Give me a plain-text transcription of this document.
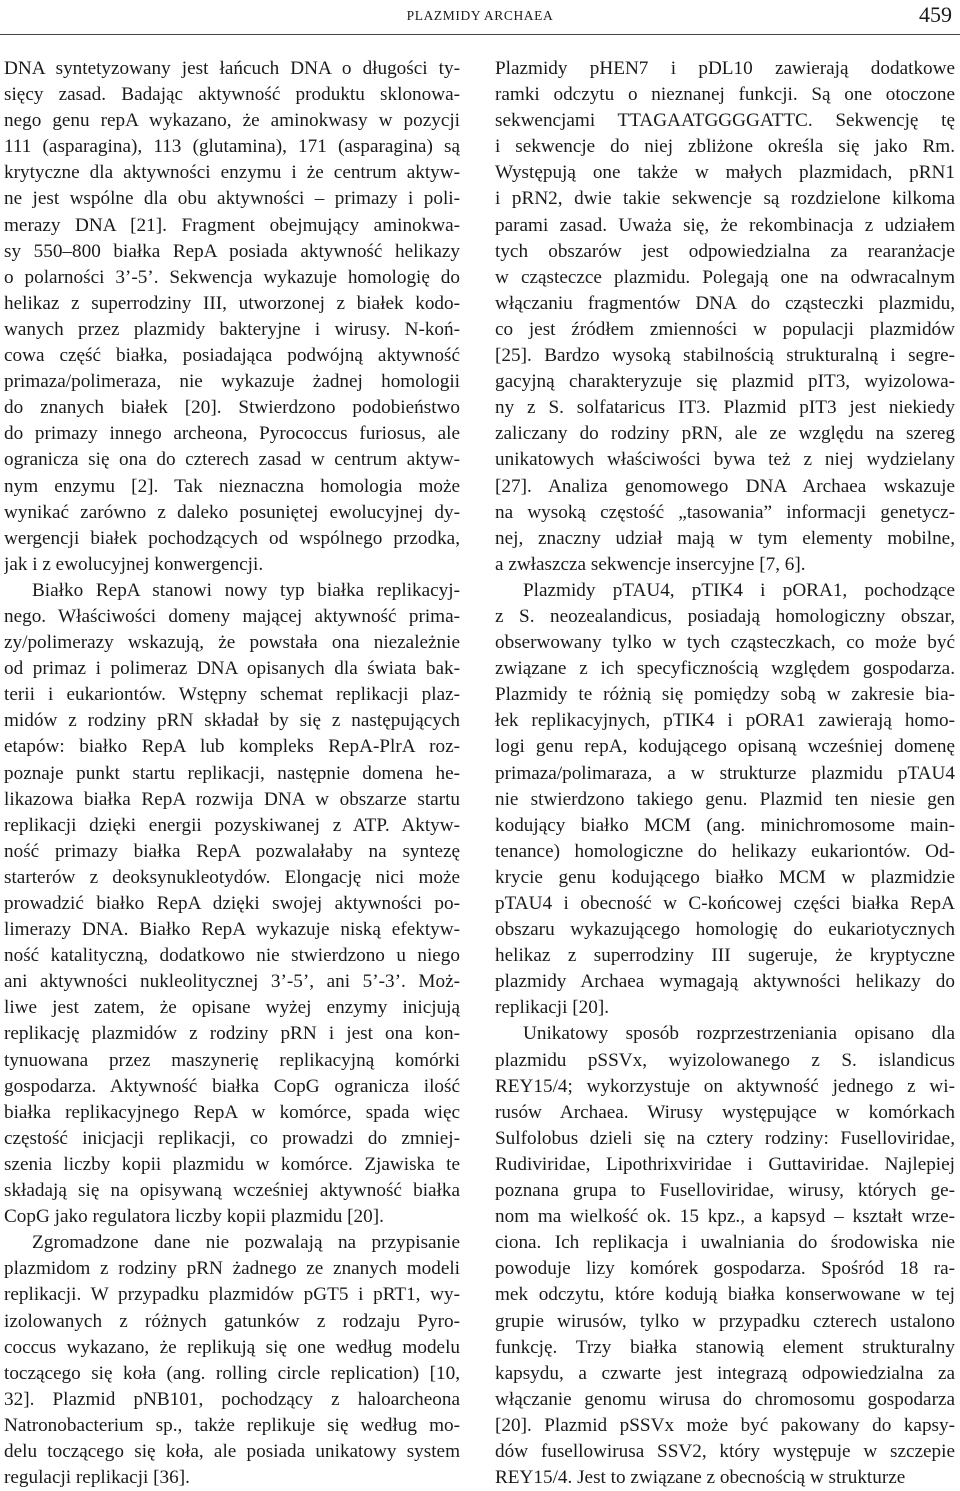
PLAZMIDY ARCHAEA	459
DNA syntetyzowany jest łańcuch DNA o długości ty-
sięcy zasad. Badając aktywność produktu sklonowa-
nego genu repA wykazano, że aminokwasy w pozycji
111 (asparagina), 113 (glutamina), 171 (asparagina) są
krytyczne dla aktywności enzymu i że centrum aktyw-
ne jest wspólne dla obu aktywności – primazy i poli-
merazy DNA [21]. Fragment obejmujący aminokwa-
sy 550–800 białka RepA posiada aktywność helikazy
o polarności 3’-5’. Sekwencja wykazuje homologię do
helikaz z superrodziny III, utworzonej z białek kodo-
wanych przez plazmidy bakteryjne i wirusy. N-koń-
cowa część białka, posiadająca podwójną aktywność
primaza/polimeraza, nie wykazuje żadnej homologii
do znanych białek [20]. Stwierdzono podobieństwo
do primazy innego archeona, Pyrococcus furiosus, ale
ogranicza się ona do czterech zasad w centrum aktyw-
nym enzymu [2]. Tak nieznaczna homologia może
wynikać zarówno z daleko posuniętej ewolucyjnej dy-
wergencji białek pochodzących od wspólnego przodka,
jak i z ewolucyjnej konwergencji.
Białko RepA stanowi nowy typ białka replikacyj-
nego. Właściwości domeny mającej aktywność prima-
zy/polimerazy wskazują, że powstała ona niezależnie
od primaz i polimeraz DNA opisanych dla świata bak-
terii i eukariontów. Wstępny schemat replikacji plaz-
midów z rodziny pRN składał by się z następujących
etapów: białko RepA lub kompleks RepA-PlrA roz-
poznaje punkt startu replikacji, następnie domena he-
likazowa białka RepA rozwija DNA w obszarze startu
replikacji dzięki energii pozyskiwanej z ATP. Aktyw-
ność primazy białka RepA pozwalałaby na syntezę
starterów z deoksynukleotydów. Elongację nici może
prowadzić białko RepA dzięki swojej aktywności po-
limerazy DNA. Białko RepA wykazuje niską efektyw-
ność katalityczną, dodatkowo nie stwierdzono u niego
ani aktywności nukleolitycznej 3’-5’, ani 5’-3’. Moż-
liwe jest zatem, że opisane wyżej enzymy inicjują
replikację plazmidów z rodziny pRN i jest ona kon-
tynuowana przez maszynerię replikacyjną komórki
gospodarza. Aktywność białka CopG ogranicza ilość
białka replikacyjnego RepA w komórce, spada więc
częstość inicjacji replikacji, co prowadzi do zmniej-
szenia liczby kopii plazmidu w komórce. Zjawiska te
składają się na opisywaną wcześniej aktywność białka
CopG jako regulatora liczby kopii plazmidu [20].
Zgromadzone dane nie pozwalają na przypisanie
plazmidom z rodziny pRN żadnego ze znanych modeli
replikacji. W przypadku plazmidów pGT5 i pRT1, wy-
izolowanych z różnych gatunków z rodzaju Pyro-
coccus wykazano, że replikują się one według modelu
toczącego się koła (ang. rolling circle replication) [10,
32]. Plazmid pNB101, pochodzący z haloarcheona
Natronobacterium sp., także replikuje się według mo-
delu toczącego się koła, ale posiada unikatowy system
regulacji replikacji [36].
Plazmidy pHEN7 i pDL10 zawierają dodatkowe
ramki odczytu o nieznanej funkcji. Są one otoczone
sekwencjami TTAGAATGGGGATTC. Sekwencję tę
i sekwencje do niej zbliżone określa się jako Rm.
Występują one także w małych plazmidach, pRN1
i pRN2, dwie takie sekwencje są rozdzielone kilkoma
parami zasad. Uważa się, że rekombinacja z udziałem
tych obszarów jest odpowiedzialna za rearanżacje
w cząsteczce plazmidu. Polegają one na odwracalnym
włączaniu fragmentów DNA do cząsteczki plazmidu,
co jest źródłem zmienności w populacji plazmidów
[25]. Bardzo wysoką stabilnością strukturalną i segre-
gacyjną charakteryzuje się plazmid pIT3, wyizolowa-
ny z S. solfataricus IT3. Plazmid pIT3 jest niekiedy
zaliczany do rodziny pRN, ale ze względu na szereg
unikatowych właściwości bywa też z niej wydzielany
[27]. Analiza genomowego DNA Archaea wskazuje
na wysoką częstość „tasowania” informacji genetycz-
nej, znaczny udział mają w tym elementy mobilne,
a zwłaszcza sekwencje insercyjne [7, 6].
Plazmidy pTAU4, pTIK4 i pORA1, pochodzące
z S. neozealandicus, posiadają homologiczny obszar,
obserwowany tylko w tych cząsteczkach, co może być
związane z ich specyficznością względem gospodarza.
Plazmidy te różnią się pomiędzy sobą w zakresie bia-
łek replikacyjnych, pTIK4 i pORA1 zawierają homo-
logi genu repA, kodującego opisaną wcześniej domenę
primaza/polimaraza, a w strukturze plazmidu pTAU4
nie stwierdzono takiego genu. Plazmid ten niesie gen
kodujący białko MCM (ang. minichromosome main-
tenance) homologiczne do helikazy eukariontów. Od-
krycie genu kodującego białko MCM w plazmidzie
pTAU4 i obecność w C-końcowej części białka RepA
obszaru wykazującego homologię do eukariotycznych
helikaz z superrodziny III sugeruje, że kryptyczne
plazmidy Archaea wymagają aktywności helikazy do
replikacji [20].
Unikatowy sposób rozprzestrzeniania opisano dla
plazmidu pSSVx, wyizolowanego z S. islandicus
REY15/4; wykorzystuje on aktywność jednego z wi-
rusów Archaea. Wirusy występujące w komórkach
Sulfolobus dzieli się na cztery rodziny: Fuselloviridae,
Rudiviridae, Lipothrixviridae i Guttaviridae. Najlepiej
poznana grupa to Fuselloviridae, wirusy, których ge-
nom ma wielkość ok. 15 kpz., a kapsyd – kształt wrze-
ciona. Ich replikacja i uwalniania do środowiska nie
powoduje lizy komórek gospodarza. Spośród 18 ra-
mek odczytu, które kodują białka konserwowane w tej
grupie wirusów, tylko w przypadku czterech ustalono
funkcję. Trzy białka stanowią element strukturalny
kapsydu, a czwarte jest integrazą odpowiedzialna za
włączanie genomu wirusa do chromosomu gospodarza
[20]. Plazmid pSSVx może być pakowany do kapsy-
dów fusellowirusa SSV2, który występuje w szczepie
REY15/4. Jest to związane z obecnością w strukturze
